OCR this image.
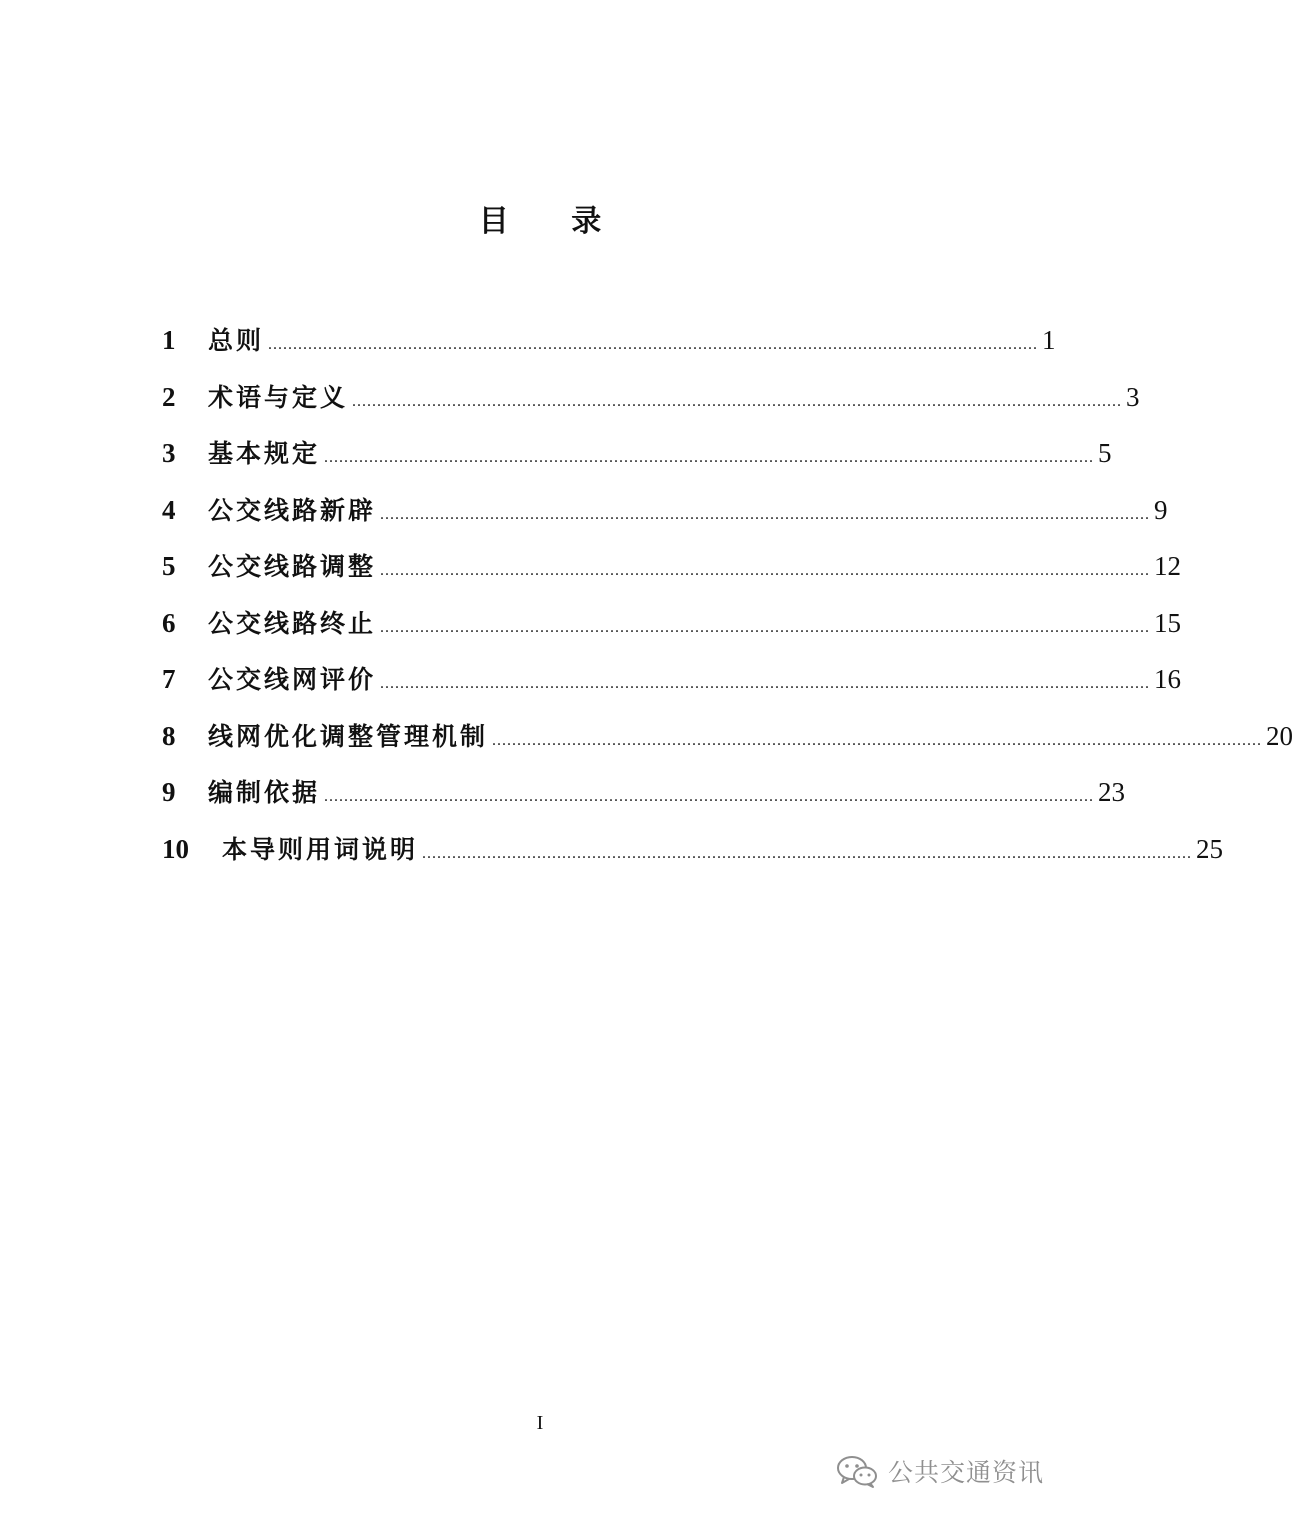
目 录
1	总则 .......................................................................................................................................................... 1
2	术语与定义 .......................................................................................................................................................... 3
3	基本规定 .......................................................................................................................................................... 5
4	公交线路新辟 .......................................................................................................................................................... 9
5	公交线路调整 .......................................................................................................................................................... 12
6	公交线路终止 .......................................................................................................................................................... 15
7	公交线网评价 .......................................................................................................................................................... 16
8	线网优化调整管理机制 .......................................................................................................................................................... 20
9	编制依据 .......................................................................................................................................................... 23
10	本导则用词说明 .......................................................................................................................................................... 25
I
公共交通资讯
